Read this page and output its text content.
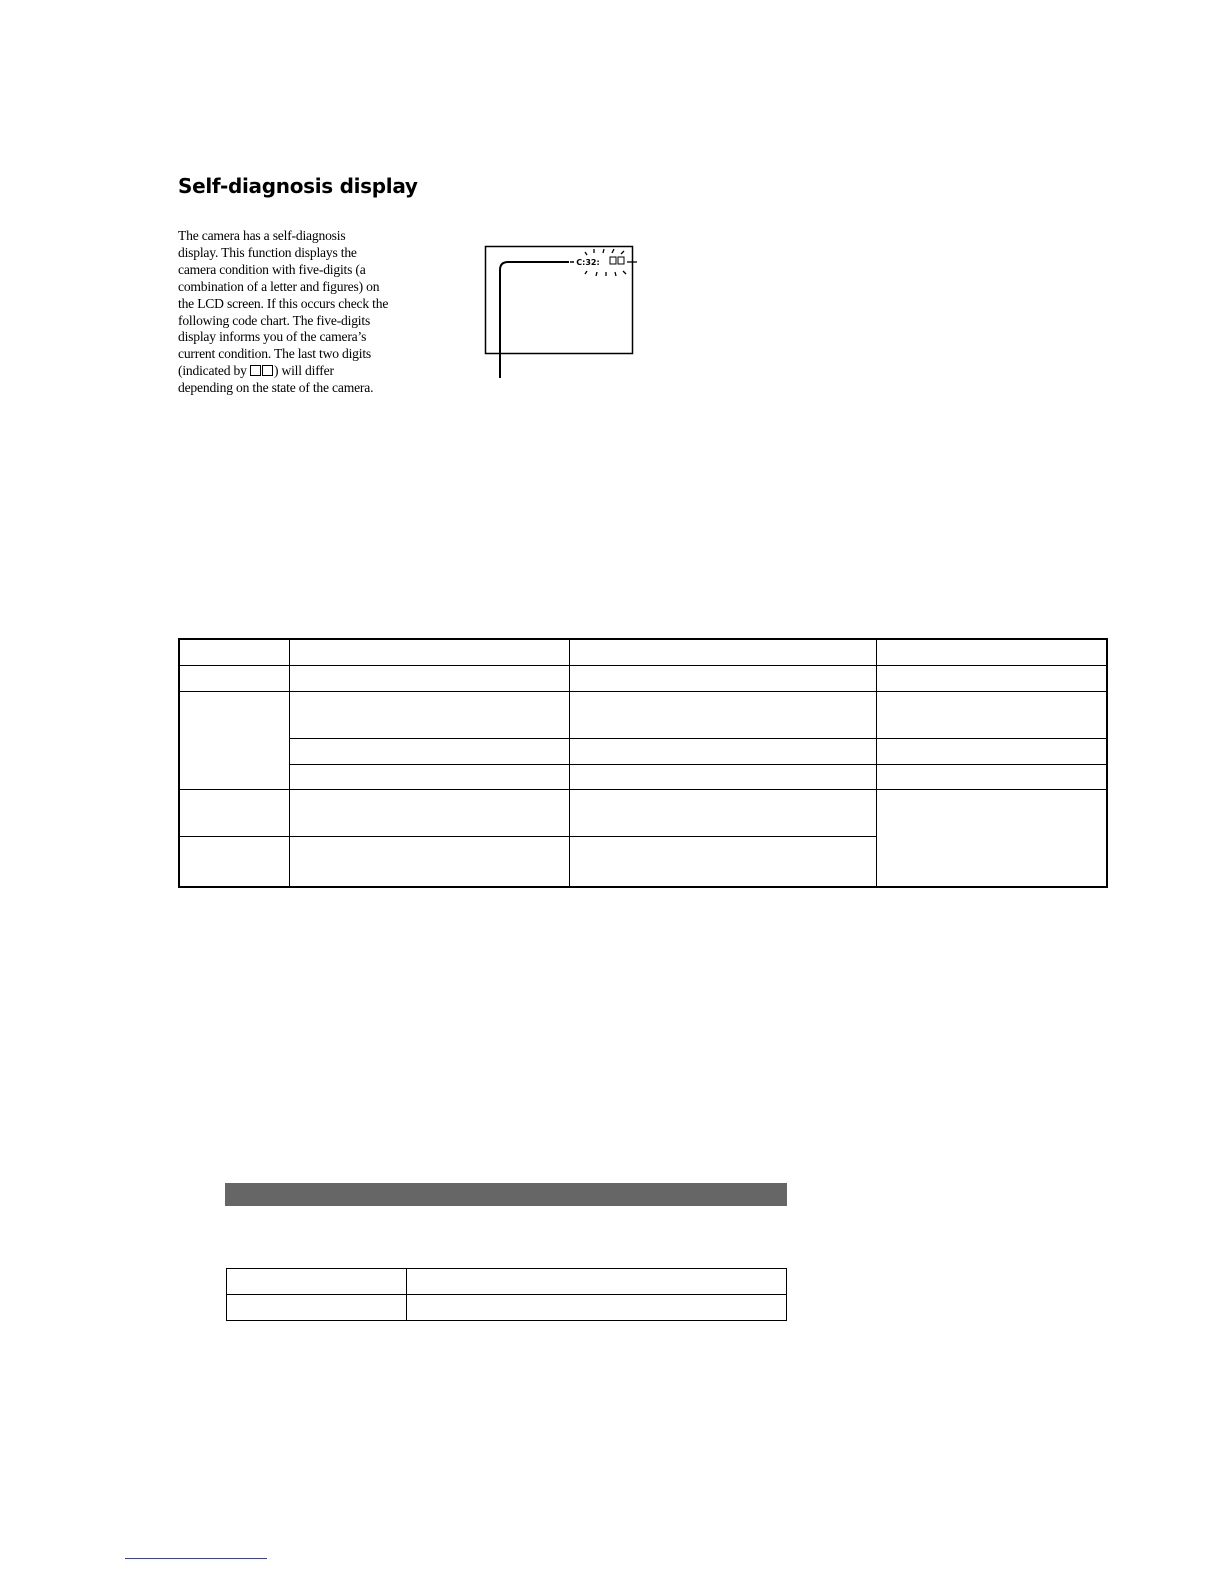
Self-diagnosis display
The camera has a self-diagnosis
display. This function displays the
camera condition with five-digits (a
combination of a letter and figures) on
the LCD screen. If this occurs check the
following code chart. The five-digits
display informs you of the camera’s
current condition. The last two digits
(indicated by ) will differ
depending on the state of the camera.
C:32:
